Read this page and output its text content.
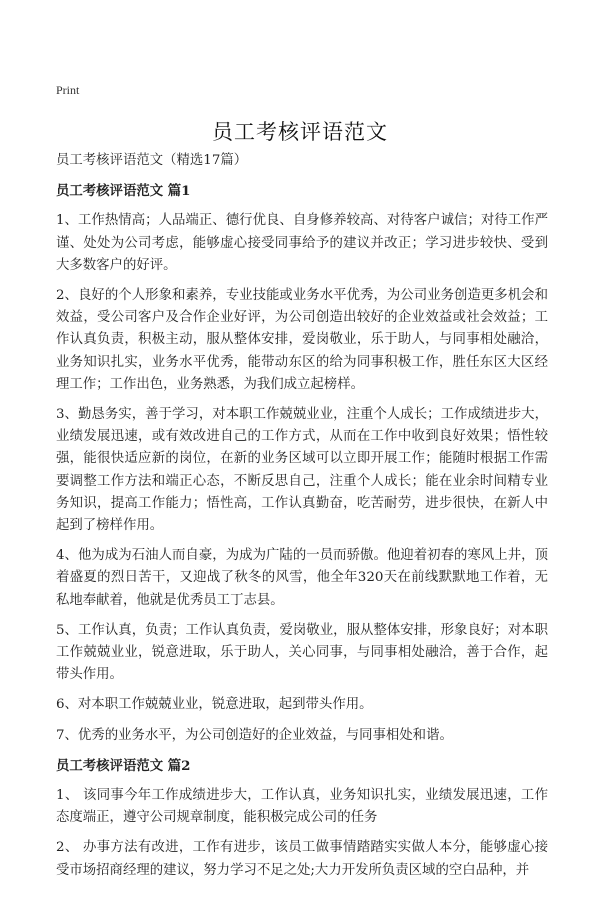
Print
员工考核评语范文

员工考核评语范文（精选17篇）

员工考核评语范文 篇1

1、工作热情高；人品端正、德行优良、自身修养较高、对待客户诚信；对待工作严谨、处处为公司考虑，能够虚心接受同事给予的建议并改正；学习进步较快、受到大多数客户的好评。

2、良好的个人形象和素养，专业技能或业务水平优秀，为公司业务创造更多机会和效益，受公司客户及合作企业好评，为公司创造出较好的企业效益或社会效益；工作认真负责，积极主动，服从整体安排，爱岗敬业，乐于助人，与同事相处融洽，业务知识扎实，业务水平优秀，能带动东区的给为同事积极工作，胜任东区大区经理工作；工作出色，业务熟悉，为我们成立起榜样。

3、勤恳务实，善于学习，对本职工作兢兢业业，注重个人成长；工作成绩进步大，业绩发展迅速，或有效改进自己的工作方式，从而在工作中收到良好效果；悟性较强，能很快适应新的岗位，在新的业务区域可以立即开展工作；能随时根据工作需要调整工作方法和端正心态，不断反思自己，注重个人成长；能在业余时间精专业务知识，提高工作能力；悟性高，工作认真勤奋，吃苦耐劳，进步很快，在新人中起到了榜样作用。

4、他为成为石油人而自豪，为成为广陆的一员而骄傲。他迎着初春的寒风上井，顶着盛夏的烈日苦干，又迎战了秋冬的风雪，他全年320天在前线默默地工作着，无私地奉献着，他就是优秀员工丁志县。

5、工作认真，负责；工作认真负责，爱岗敬业，服从整体安排，形象良好；对本职工作兢兢业业，锐意进取，乐于助人，关心同事，与同事相处融洽，善于合作，起带头作用。

6、对本职工作兢兢业业，锐意进取，起到带头作用。

7、优秀的业务水平，为公司创造好的企业效益，与同事相处和谐。

员工考核评语范文 篇2

1、 该同事今年工作成绩进步大，工作认真，业务知识扎实，业绩发展迅速，工作态度端正，遵守公司规章制度，能积极完成公司的任务

2、 办事方法有改进，工作有进步，该员工做事情踏踏实实做人本分，能够虚心接受市场招商经理的建议，努力学习不足之处;大力开发所负责区域的空白品种，并
